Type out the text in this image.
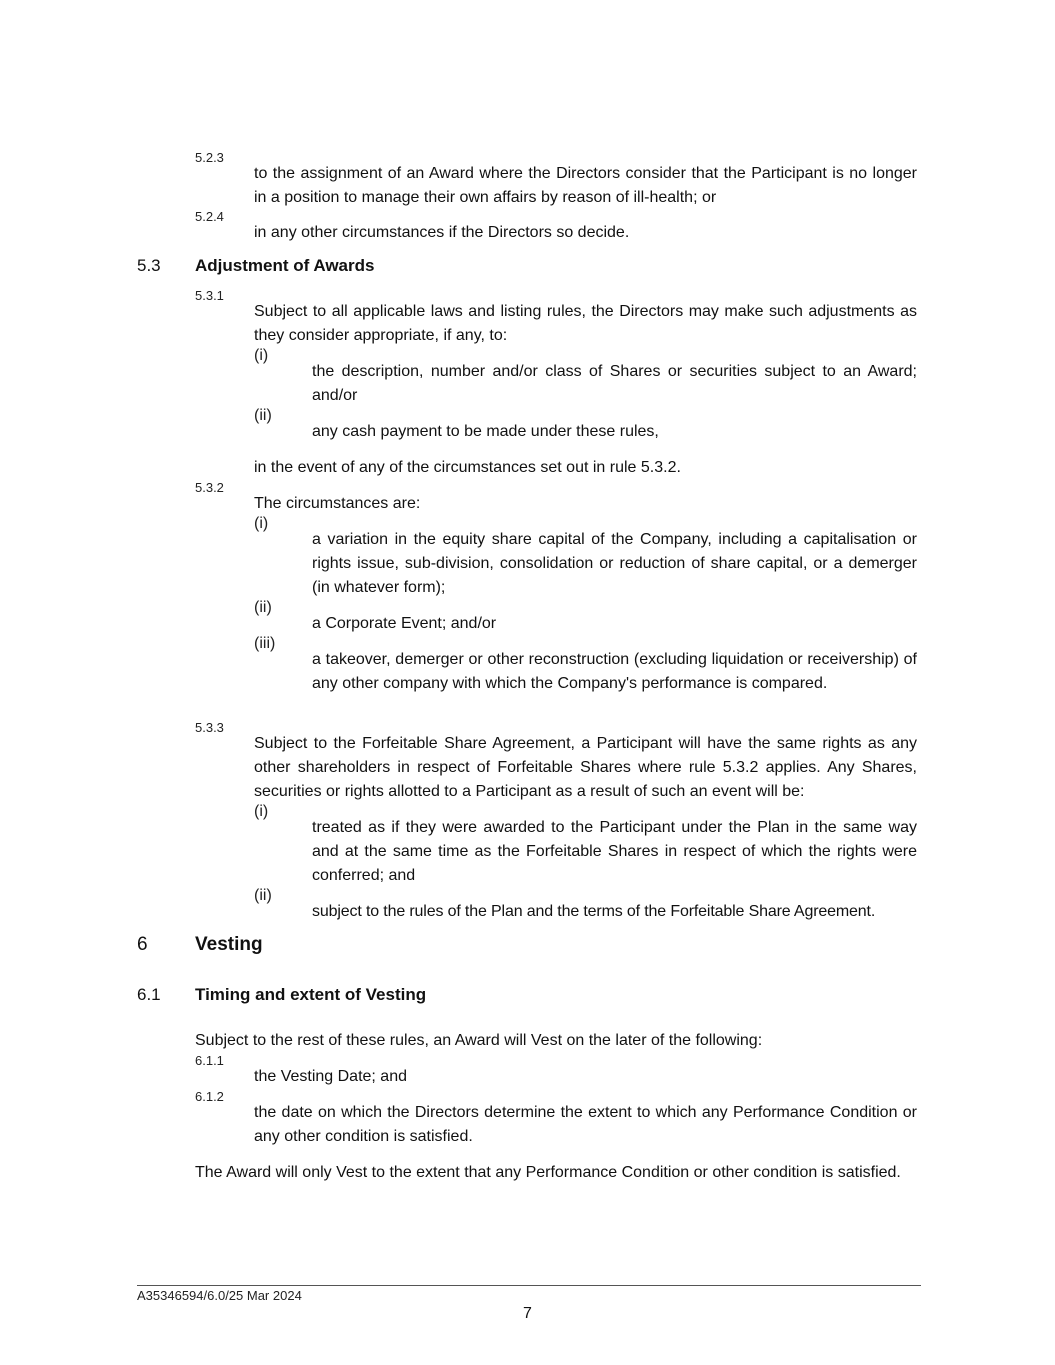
5.2.3

to the assignment of an Award where the Directors consider that the Participant is no longer in a position to manage their own affairs by reason of ill-health; or

5.2.4

in any other circumstances if the Directors so decide.

5.3 Adjustment of Awards
5.3.1

Subject to all applicable laws and listing rules, the Directors may make such adjustments as they consider appropriate, if any, to:

(i)

the description, number and/or class of Shares or securities subject to an Award; and/or

(ii)

any cash payment to be made under these rules,

in the event of any of the circumstances set out in rule 5.3.2.

5.3.2

The circumstances are:

(i)

a variation in the equity share capital of the Company, including a capitalisation or rights issue, sub-division, consolidation or reduction of share capital, or a demerger (in whatever form);

(ii)

a Corporate Event; and/or

(iii)

a takeover, demerger or other reconstruction (excluding liquidation or receivership) of any other company with which the Company's performance is compared.

5.3.3

Subject to the Forfeitable Share Agreement, a Participant will have the same rights as any other shareholders in respect of Forfeitable Shares where rule 5.3.2 applies. Any Shares, securities or rights allotted to a Participant as a result of such an event will be:

(i)

treated as if they were awarded to the Participant under the Plan in the same way and at the same time as the Forfeitable Shares in respect of which the rights were conferred; and

(ii)

subject to the rules of the Plan and the terms of the Forfeitable Share Agreement.

6 Vesting
6.1 Timing and extent of Vesting

Subject to the rest of these rules, an Award will Vest on the later of the following:

6.1.1

the Vesting Date; and

6.1.2

the date on which the Directors determine the extent to which any Performance Condition or any other condition is satisfied.

The Award will only Vest to the extent that any Performance Condition or other condition is satisfied.

A35346594/6.0/25 Mar 2024
7
